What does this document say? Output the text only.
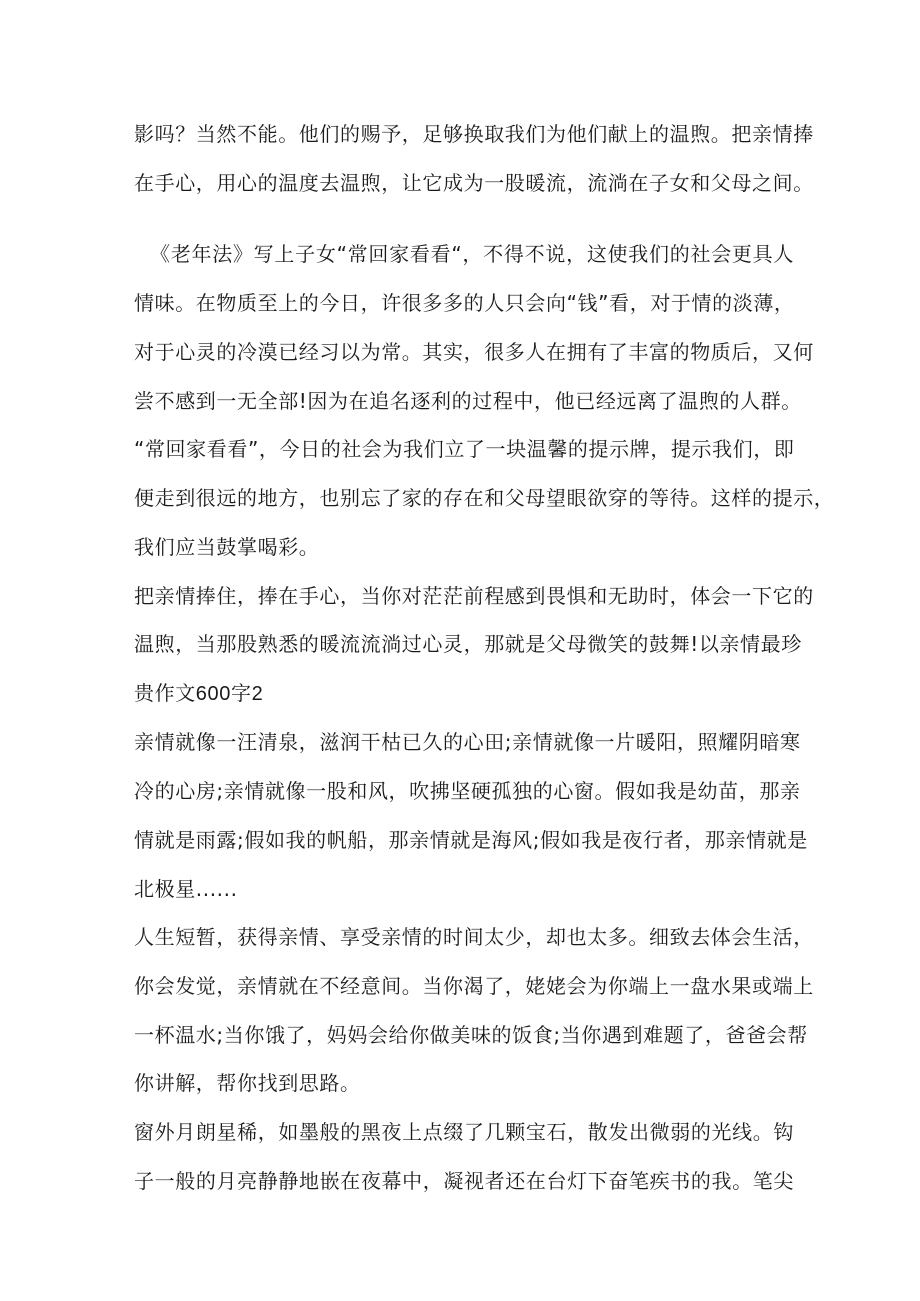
影吗？当然不能。他们的赐予，足够换取我们为他们献上的温煦。把亲情捧
在手心，用心的温度去温煦，让它成为一股暖流，流淌在子女和父母之间。
《老年法》写上子女“常回家看看“，不得不说，这使我们的社会更具人
情味。在物质至上的今日，许很多多的人只会向“钱”看，对于情的淡薄，
对于心灵的冷漠已经习以为常。其实，很多人在拥有了丰富的物质后，又何
尝不感到一无全部!因为在追名逐利的过程中，他已经远离了温煦的人群。
“常回家看看”，今日的社会为我们立了一块温馨的提示牌，提示我们，即
便走到很远的地方，也别忘了家的存在和父母望眼欲穿的等待。这样的提示，
我们应当鼓掌喝彩。
把亲情捧住，捧在手心，当你对茫茫前程感到畏惧和无助时，体会一下它的
温煦，当那股熟悉的暖流流淌过心灵，那就是父母微笑的鼓舞!以亲情最珍
贵作文600字2
亲情就像一汪清泉，滋润干枯已久的心田;亲情就像一片暖阳，照耀阴暗寒
冷的心房;亲情就像一股和风，吹拂坚硬孤独的心窗。假如我是幼苗，那亲
情就是雨露;假如我的帆船，那亲情就是海风;假如我是夜行者，那亲情就是
北极星......
人生短暂，获得亲情、享受亲情的时间太少，却也太多。细致去体会生活，
你会发觉，亲情就在不经意间。当你渴了，姥姥会为你端上一盘水果或端上
一杯温水;当你饿了，妈妈会给你做美味的饭食;当你遇到难题了，爸爸会帮
你讲解，帮你找到思路。
窗外月朗星稀，如墨般的黑夜上点缀了几颗宝石，散发出微弱的光线。钩
子一般的月亮静静地嵌在夜幕中，凝视者还在台灯下奋笔疾书的我。笔尖
